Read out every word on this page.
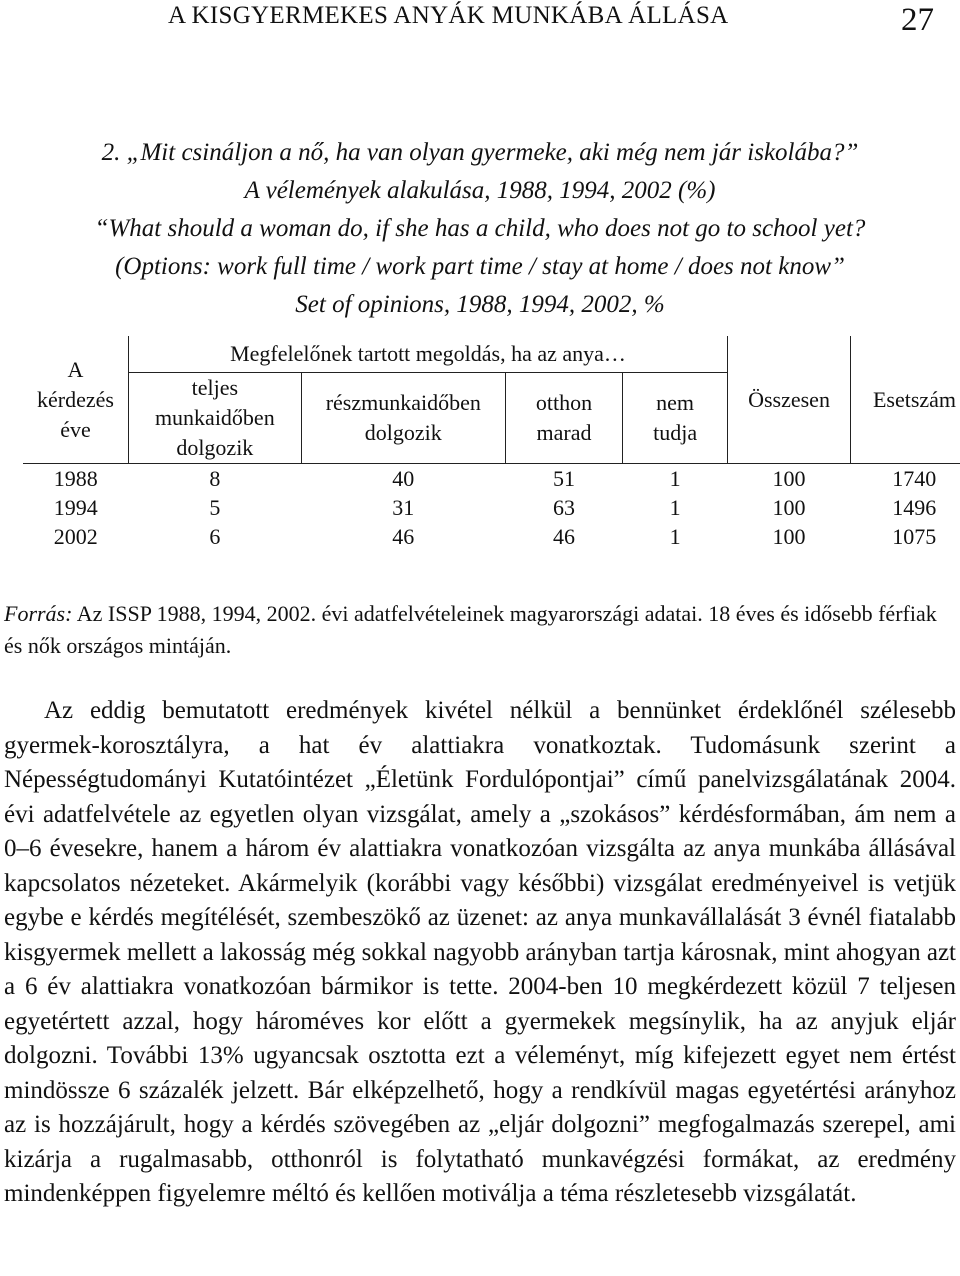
A KISGYERMEKES ANYÁK MUNKÁBA ÁLLÁSA	27
2. „Mit csináljon a nő, ha van olyan gyermeke, aki még nem jár iskolába?”
A vélemények alakulása, 1988, 1994, 2002 (%)
“What should a woman do, if she has a child, who does not go to school yet?
(Options: work full time / work part time / stay at home / does not know”
Set of opinions, 1988, 1994, 2002, %
A kérdezés éve	Megfelelőnek tartott megoldás, ha az anya…				Összesen	Esetszám
	teljes munkaidőben dolgozik	részmunkaidőben dolgozik	otthon marad	nem tudja		
1988	8	40	51	1	100	1740
1994	5	31	63	1	100	1496
2002	6	46	46	1	100	1075
Forrás: Az ISSP 1988, 1994, 2002. évi adatfelvételeinek magyarországi adatai. 18 éves és idősebb férfiak és nők országos mintáján.

Az eddig bemutatott eredmények kivétel nélkül a bennünket érdeklőnél szélesebb gyermek-korosztályra, a hat év alattiakra vonatkoztak. Tudomásunk szerint a Népességtudományi Kutatóintézet „Életünk Fordulópontjai” című panelvizsgálatának 2004. évi adatfelvétele az egyetlen olyan vizsgálat, amely a „szokásos” kérdésformában, ám nem a 0–6 évesekre, hanem a három év alattiakra vonatkozóan vizsgálta az anya munkába állásával kapcsolatos nézeteket. Akármelyik (korábbi vagy későbbi) vizsgálat eredményeivel is vetjük egybe e kérdés megítélését, szembeszökő az üzenet: az anya munkavállalását 3 évnél fiatalabb kisgyermek mellett a lakosság még sokkal nagyobb arányban tartja károsnak, mint ahogyan azt a 6 év alattiakra vonatkozóan bármikor is tette. 2004-ben 10 megkérdezett közül 7 teljesen egyetértett azzal, hogy hároméves kor előtt a gyermekek megsínylik, ha az anyjuk eljár dolgozni. További 13% ugyancsak osztotta ezt a véleményt, míg kifejezett egyet nem értést mindössze 6 százalék jelzett. Bár elképzelhető, hogy a rendkívül magas egyetértési arányhoz az is hozzájárult, hogy a kérdés szövegében az „eljár dolgozni” megfogalmazás szerepel, ami kizárja a rugalmasabb, otthonról is folytatható munkavégzési formákat, az eredmény mindenképpen figyelemre méltó és kellően motiválja a téma részletesebb vizsgálatát.
